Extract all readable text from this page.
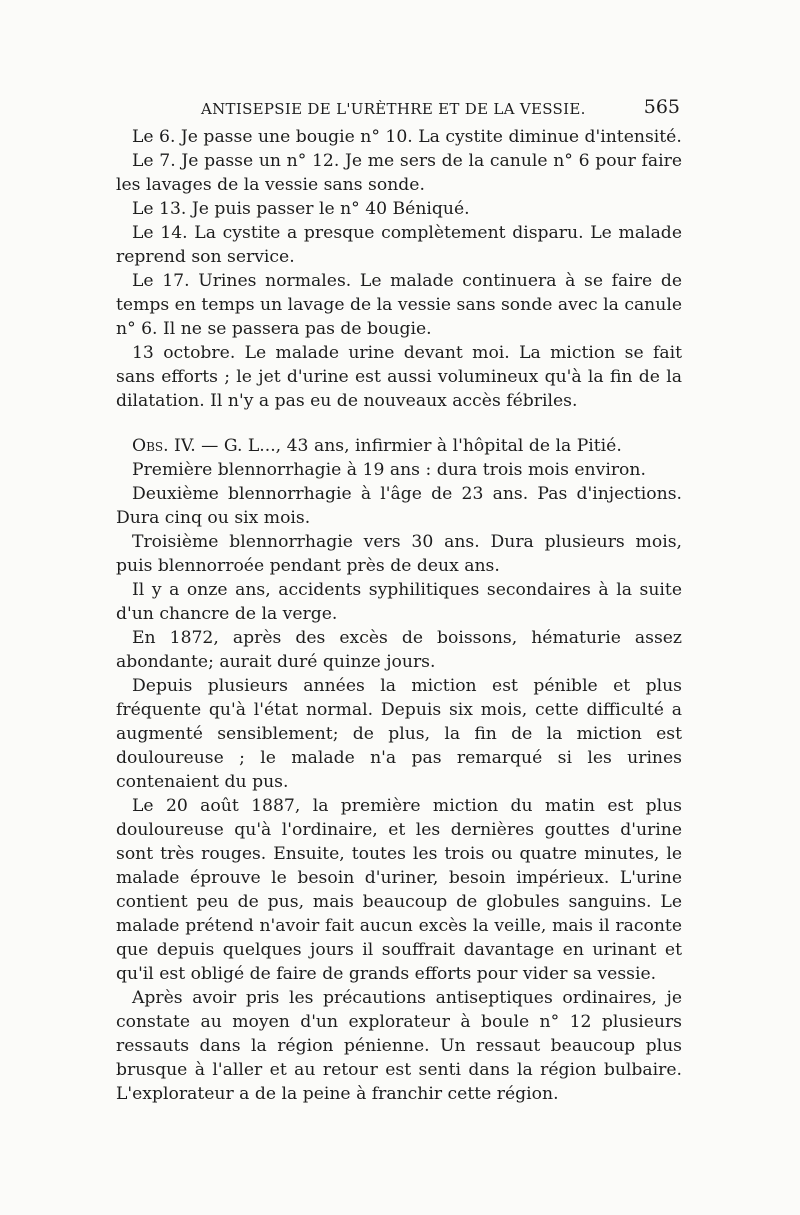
ANTISEPSIE DE L'URÈTHRE ET DE LA VESSIE.	565

Le 6. Je passe une bougie n° 10. La cystite diminue d'intensité.

Le 7. Je passe un n° 12. Je me sers de la canule n° 6 pour faire les lavages de la vessie sans sonde.

Le 13. Je puis passer le n° 40 Béniqué.

Le 14. La cystite a presque complètement disparu. Le malade reprend son service.

Le 17. Urines normales. Le malade continuera à se faire de temps en temps un lavage de la vessie sans sonde avec la canule n° 6. Il ne se passera pas de bougie.

13 octobre. Le malade urine devant moi. La miction se fait sans efforts ; le jet d'urine est aussi volumineux qu'à la fin de la dilatation. Il n'y a pas eu de nouveaux accès fébriles.

Obs. IV. — G. L..., 43 ans, infirmier à l'hôpital de la Pitié.

Première blennorrhagie à 19 ans : dura trois mois environ.

Deuxième blennorrhagie à l'âge de 23 ans. Pas d'injections. Dura cinq ou six mois.

Troisième blennorrhagie vers 30 ans. Dura plusieurs mois, puis blennorroée pendant près de deux ans.

Il y a onze ans, accidents syphilitiques secondaires à la suite d'un chancre de la verge.

En 1872, après des excès de boissons, hématurie assez abondante; aurait duré quinze jours.

Depuis plusieurs années la miction est pénible et plus fréquente qu'à l'état normal. Depuis six mois, cette difficulté a augmenté sensiblement; de plus, la fin de la miction est douloureuse ; le malade n'a pas remarqué si les urines contenaient du pus.

Le 20 août 1887, la première miction du matin est plus douloureuse qu'à l'ordinaire, et les dernières gouttes d'urine sont très rouges. Ensuite, toutes les trois ou quatre minutes, le malade éprouve le besoin d'uriner, besoin impérieux. L'urine contient peu de pus, mais beaucoup de globules sanguins. Le malade prétend n'avoir fait aucun excès la veille, mais il raconte que depuis quelques jours il souffrait davantage en urinant et qu'il est obligé de faire de grands efforts pour vider sa vessie.

Après avoir pris les précautions antiseptiques ordinaires, je constate au moyen d'un explorateur à boule n° 12 plusieurs ressauts dans la région pénienne. Un ressaut beaucoup plus brusque à l'aller et au retour est senti dans la région bulbaire. L'explorateur a de la peine à franchir cette région.
